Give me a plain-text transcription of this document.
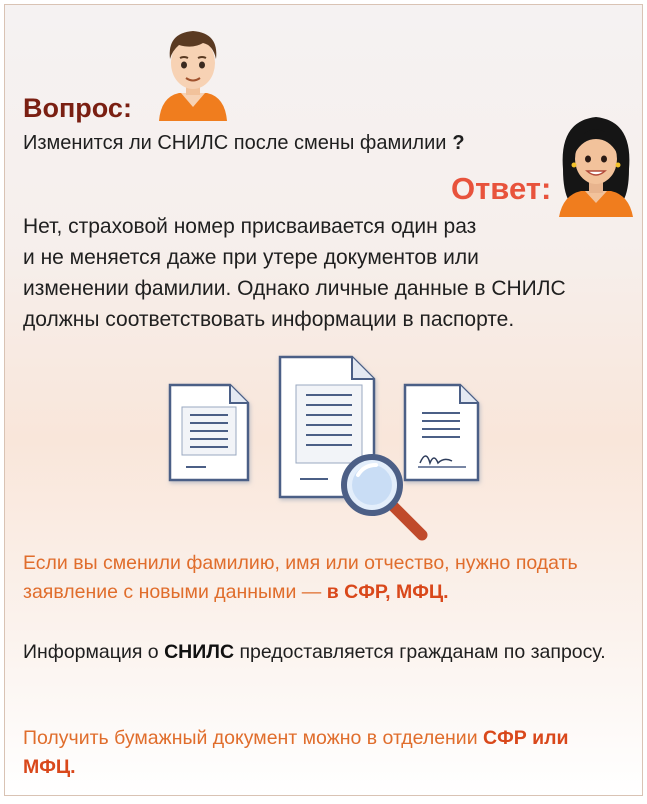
Вопрос:

Изменится ли СНИЛС после смены фамилии ?

Ответ:

Нет, страховой номер присваивается один раз
и не меняется даже при утере документов или
изменении фамилии. Однако личные данные в СНИЛС
должны соответствовать информации в паспорте.

Если вы сменили фамилию, имя или отчество, нужно подать заявление с новыми данными — в СФР, МФЦ.

Информация о СНИЛС предоставляется гражданам по запросу.

Получить бумажный документ можно в отделении СФР или МФЦ.
